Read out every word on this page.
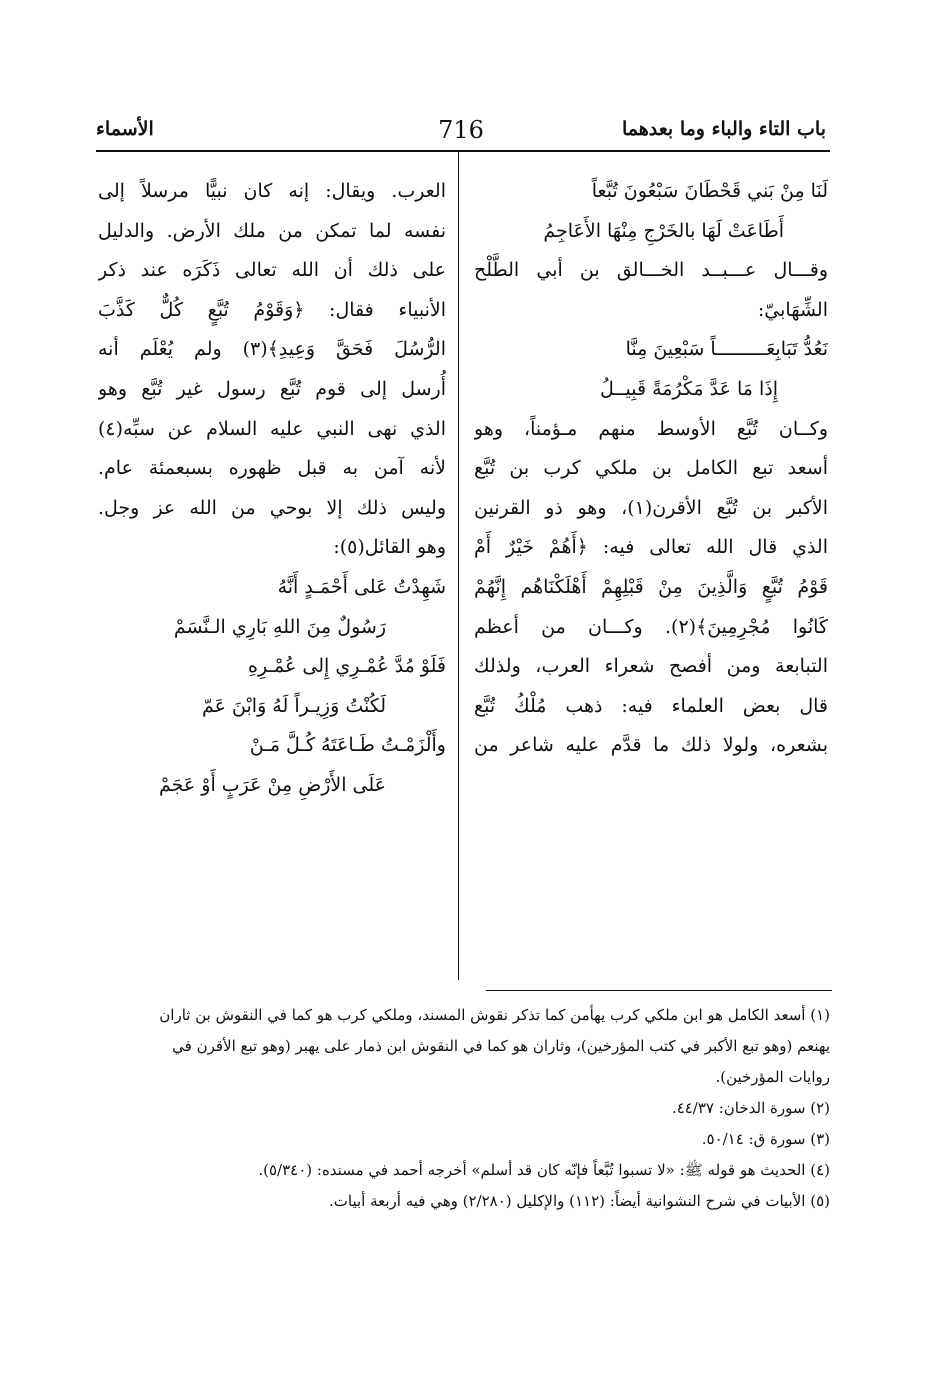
باب التاء والباء وما بعدهما
716
الأسماء
لَنَا مِنْ بَني قَحْطَانَ سَبْعُونَ تُبَّعاً
أَطَاعَتْ لَهَا بالخَرْجِ مِنْهَا الأَعَاجِمُ
وقـــال عـــبــد الخـــالق بن أبي الطَّلْح
الشِّهَابيّ:
نَعُدُّ تَبَابِعَـــــــــاً سَبْعِينَ مِنَّا
إِذَا مَا عَدَّ مَكْرُمَةً قَبِيــلُ
وكــان تُبَّع الأوسط منهم مـؤمناً، وهو
أسعد تبع الكامل بن ملكي كرب بن تُبَّع
الأكبر بن تُبَّع الأقرن(١)، وهو ذو القرنين
الذي قال الله تعالى فيه: ﴿أَهُمْ خَيْرٌ أَمْ
قَوْمُ تُبَّعٍ وَالَّذِينَ مِنْ قَبْلِهِمْ أَهْلَكْنَاهُم إِنَّهُمْ
كَانُوا مُجْرِمِينَ﴾(٢). وكـــان من أعظم
التبابعة ومن أفصح شعراء العرب، ولذلك
قال بعض العلماء فيه: ذهب مُلْكُ تُبَّع
بشعره، ولولا ذلك ما قدَّم عليه شاعر من
العرب. ويقال: إنه كان نبيًّا مرسلاً إلى
نفسه لما تمكن من ملك الأرض. والدليل
على ذلك أن الله تعالى ذَكَرَه عند ذكر
الأنبياء فقال: ﴿وَقَوْمُ تُبَّعٍ كُلٌّ كَذَّبَ
الرُّسُلَ فَحَقَّ وَعِيدِ﴾(٣) ولم يُعْلَم أنه
أُرسل إلى قوم تُبَّع رسول غير تُبَّع وهو
الذي نهى النبي عليه السلام عن سبِّه(٤)
لأنه آمن به قبل ظهوره بسبعمئة عام.
وليس ذلك إلا بوحي من الله عز وجل.
وهو القائل(٥):
شَهِدْتُ عَلى أَحْمَـدٍ أَنَّهُ
رَسُولٌ مِنَ اللهِ بَارِي الـنَّسَمْ
فَلَوْ مُدَّ عُمْـرِي إِلى عُمْـرِهِ
لَكُنْتُ وَزِيـراً لَهُ وَابْنَ عَمّ
وأَلْزَمْـتُ طَـاعَتَهُ كُـلَّ مَـنْ
عَلَى الأَرْضِ مِنْ عَرَبٍ أَوْ عَجَمْ
(١) أسعد الكامل هو ابن ملكي كرب يهأمن كما تذكر نقوش المسند، وملكي كرب هو كما في النقوش بن ثاران
يهنعم (وهو تبع الأكبر في كتب المؤرخين)، وثاران هو كما في النقوش ابن ذمار على يهبر (وهو تبع الأقرن في
روايات المؤرخين).
(٢) سورة الدخان: ٤٤/٣٧.
(٣) سورة ق: ٥٠/١٤.
(٤) الحديث هو قوله ﷺ: «لا تسبوا تُبَّعاً فإنّه كان قد أسلم» أخرجه أحمد في مسنده: (٥/٣٤٠).
(٥) الأبيات في شرح النشوانية أيضاً: (١١٢) والإكليل (٢/٢٨٠) وهي فيه أربعة أبيات.
